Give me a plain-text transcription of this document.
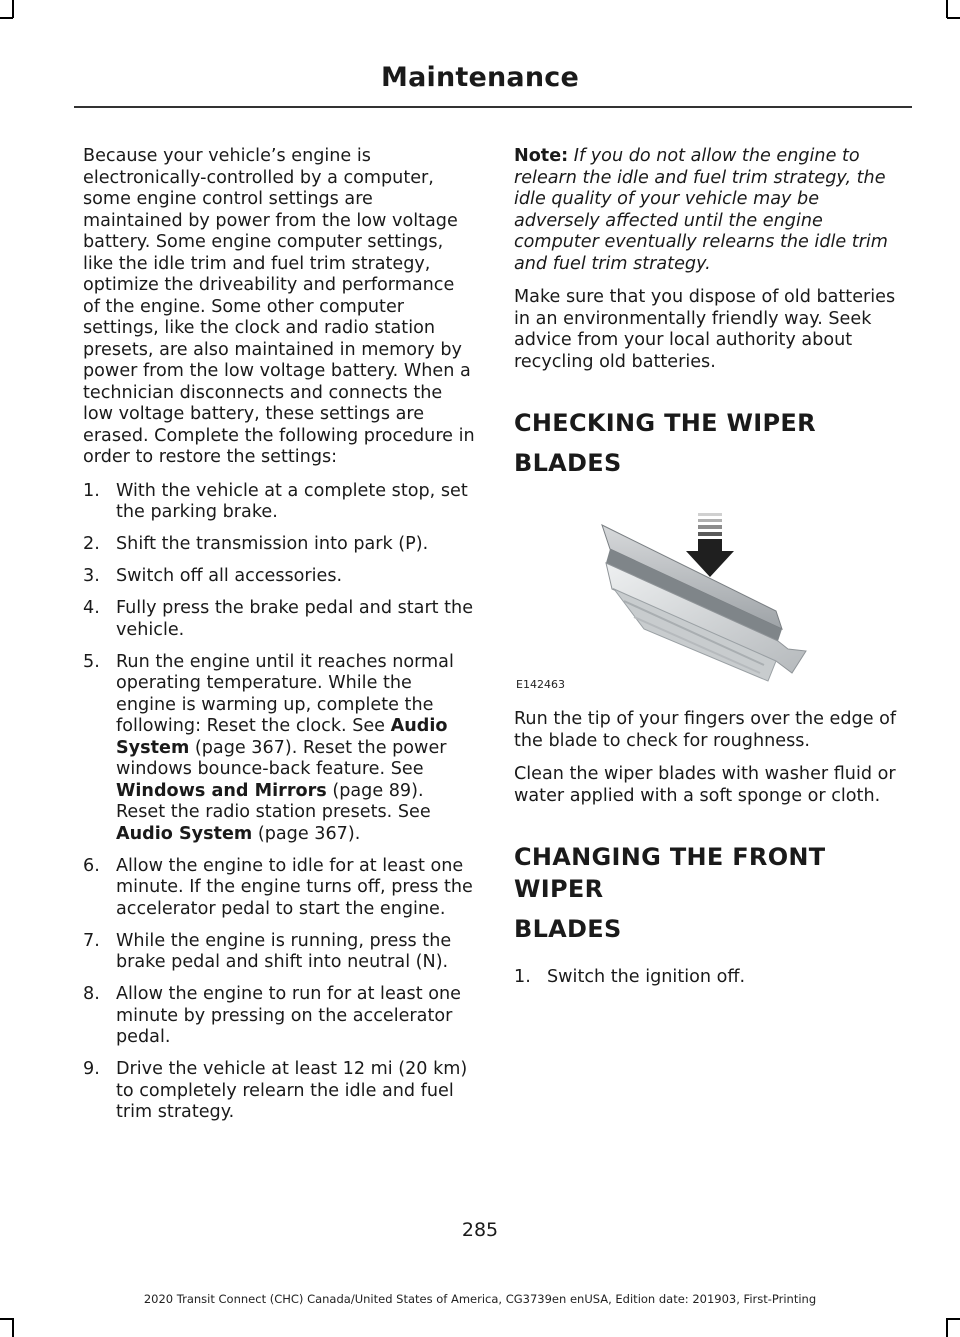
Maintenance

Because your vehicle’s engine is electronically-controlled by a computer, some engine control settings are maintained by power from the low voltage battery. Some engine computer settings, like the idle trim and fuel trim strategy, optimize the driveability and performance of the engine. Some other computer settings, like the clock and radio station presets, are also maintained in memory by power from the low voltage battery. When a technician disconnects and connects the low voltage battery, these settings are erased. Complete the following procedure in order to restore the settings:

1. With the vehicle at a complete stop, set the parking brake.
2. Shift the transmission into park (P).
3. Switch off all accessories.
4. Fully press the brake pedal and start the vehicle.
5. Run the engine until it reaches normal operating temperature. While the engine is warming up, complete the following: Reset the clock. See Audio System (page 367). Reset the power windows bounce-back feature. See Windows and Mirrors (page 89). Reset the radio station presets. See Audio System (page 367).
6. Allow the engine to idle for at least one minute. If the engine turns off, press the accelerator pedal to start the engine.
7. While the engine is running, press the brake pedal and shift into neutral (N).
8. Allow the engine to run for at least one minute by pressing on the accelerator pedal.
9. Drive the vehicle at least 12 mi (20 km) to completely relearn the idle and fuel trim strategy.

Note: If you do not allow the engine to relearn the idle and fuel trim strategy, the idle quality of your vehicle may be adversely affected until the engine computer eventually relearns the idle trim and fuel trim strategy.

Make sure that you dispose of old batteries in an environmentally friendly way. Seek advice from your local authority about recycling old batteries.

CHECKING THE WIPER
BLADES
E142463

Run the tip of your fingers over the edge of the blade to check for roughness.

Clean the wiper blades with washer fluid or water applied with a soft sponge or cloth.

CHANGING THE FRONT WIPER
BLADES
1. Switch the ignition off.
285
2020 Transit Connect (CHC) Canada/United States of America, CG3739en enUSA, Edition date: 201903, First-Printing
